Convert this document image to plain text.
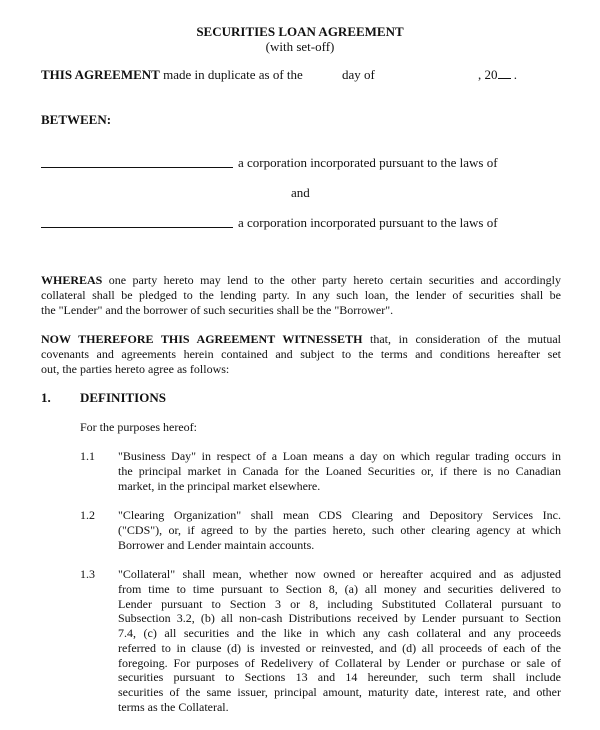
SECURITIES LOAN AGREEMENT
(with set-off)
THIS AGREEMENT made in duplicate as of the	day of	, 20 .
BETWEEN:
a corporation incorporated pursuant to the laws of
and
a corporation incorporated pursuant to the laws of
WHEREAS one party hereto may lend to the other party hereto certain securities and accordingly
collateral shall be pledged to the lending party. In any such loan, the lender of securities shall be
the "Lender" and the borrower of such securities shall be the "Borrower".
NOW THEREFORE THIS AGREEMENT WITNESSETH that, in consideration of the mutual
covenants and agreements herein contained and subject to the terms and conditions hereafter set
out, the parties hereto agree as follows:
1. DEFINITIONS
For the purposes hereof:
1.1 "Business Day" in respect of a Loan means a day on which regular trading occurs in
the principal market in Canada for the Loaned Securities or, if there is no Canadian
market, in the principal market elsewhere.
1.2 "Clearing Organization" shall mean CDS Clearing and Depository Services Inc.
("CDS"), or, if agreed to by the parties hereto, such other clearing agency at which
Borrower and Lender maintain accounts.
1.3 "Collateral" shall mean, whether now owned or hereafter acquired and as adjusted
from time to time pursuant to Section 8, (a) all money and securities delivered to
Lender pursuant to Section 3 or 8, including Substituted Collateral pursuant to
Subsection 3.2, (b) all non-cash Distributions received by Lender pursuant to Section
7.4, (c) all securities and the like in which any cash collateral and any proceeds
referred to in clause (d) is invested or reinvested, and (d) all proceeds of each of the
foregoing. For purposes of Redelivery of Collateral by Lender or purchase or sale of
securities pursuant to Sections 13 and 14 hereunder, such term shall include
securities of the same issuer, principal amount, maturity date, interest rate, and other
terms as the Collateral.
